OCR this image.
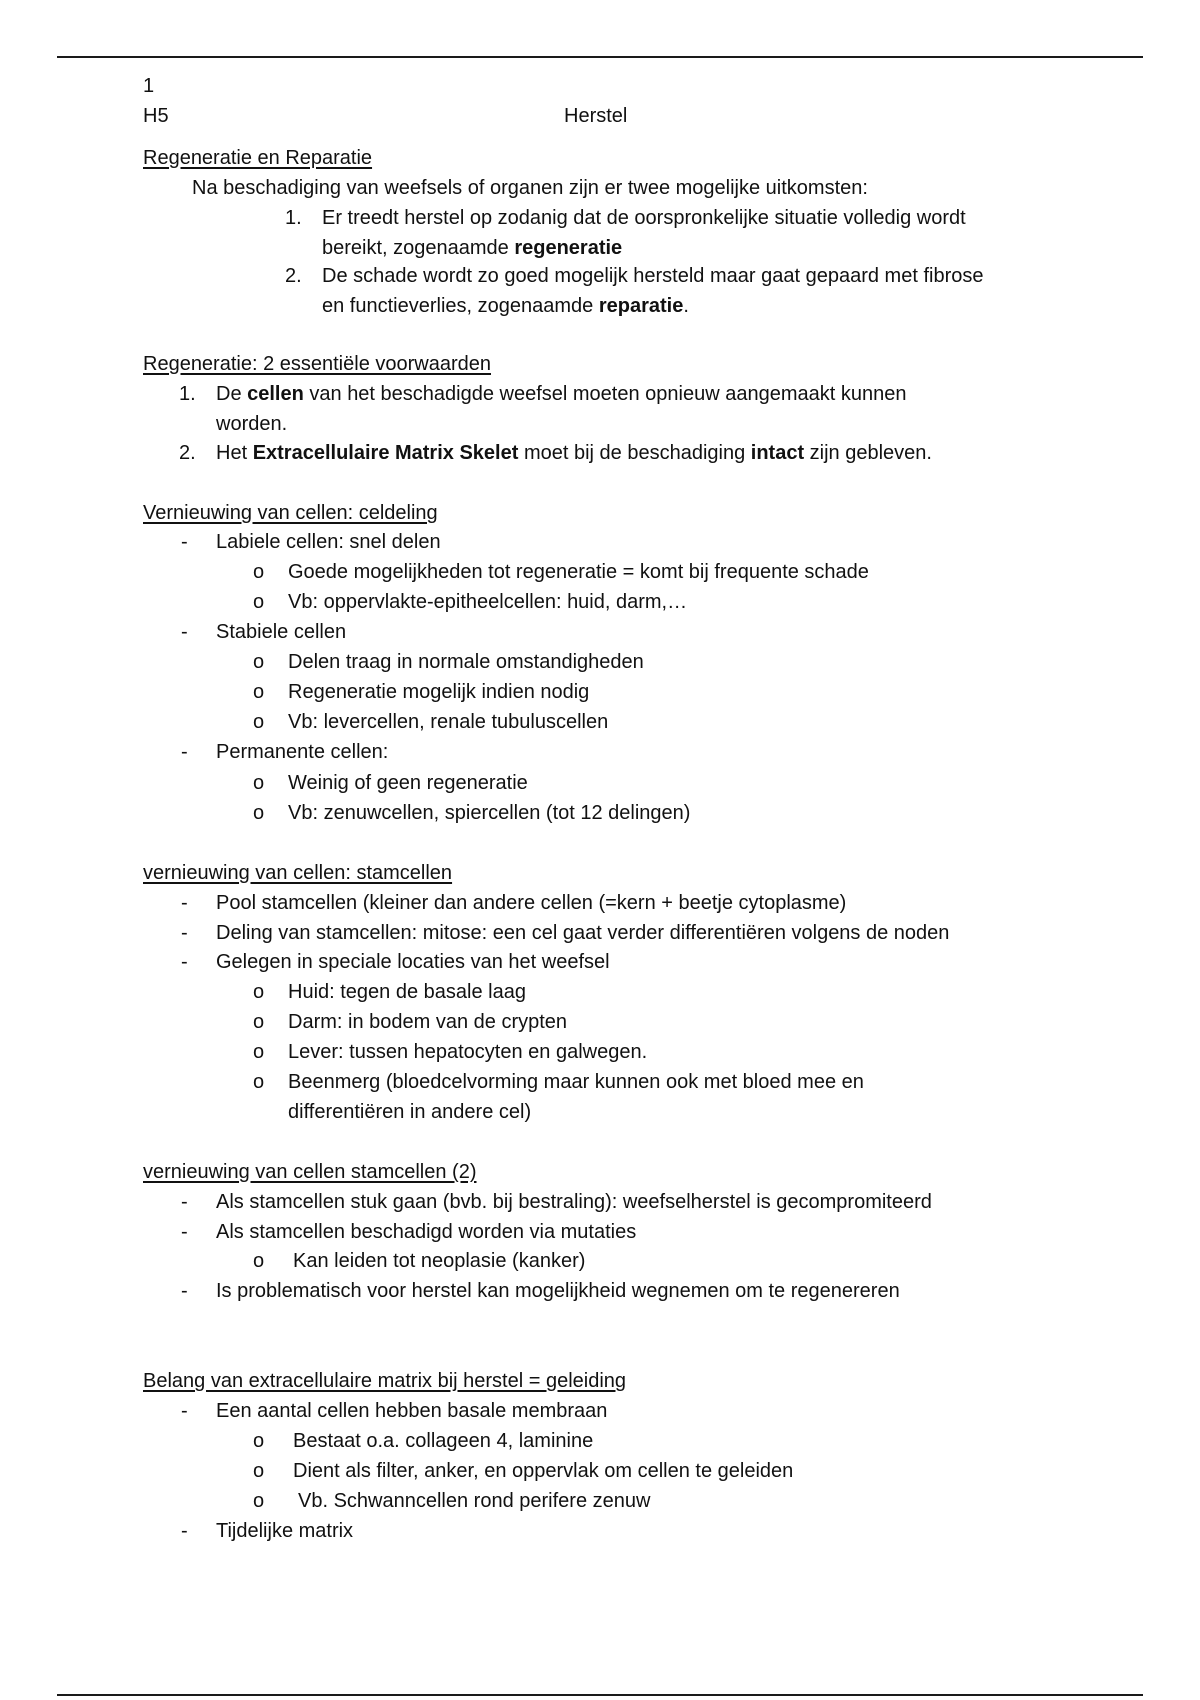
1
H5	Herstel
Regeneratie en Reparatie
Na beschadiging van weefsels of organen zijn er twee mogelijke uitkomsten:
1. Er treedt herstel op zodanig dat de oorspronkelijke situatie volledig wordt
bereikt, zogenaamde regeneratie
2. De schade wordt zo goed mogelijk hersteld maar gaat gepaard met fibrose
en functieverlies, zogenaamde reparatie.
Regeneratie: 2 essentiële voorwaarden
1. De cellen van het beschadigde weefsel moeten opnieuw aangemaakt kunnen
worden.
2. Het Extracellulaire Matrix Skelet moet bij de beschadiging intact zijn gebleven.
Vernieuwing van cellen: celdeling
- Labiele cellen: snel delen
o Goede mogelijkheden tot regeneratie = komt bij frequente schade
o Vb: oppervlakte-epitheelcellen: huid, darm,…
- Stabiele cellen
o Delen traag in normale omstandigheden
o Regeneratie mogelijk indien nodig
o Vb: levercellen, renale tubuluscellen
- Permanente cellen:
o Weinig of geen regeneratie
o Vb: zenuwcellen, spiercellen (tot 12 delingen)
vernieuwing van cellen: stamcellen
- Pool stamcellen (kleiner dan andere cellen (=kern + beetje cytoplasme)
- Deling van stamcellen: mitose: een cel gaat verder differentiëren volgens de noden
- Gelegen in speciale locaties van het weefsel
o Huid: tegen de basale laag
o Darm: in bodem van de crypten
o Lever: tussen hepatocyten en galwegen.
o Beenmerg (bloedcelvorming maar kunnen ook met bloed mee en
differentiëren in andere cel)
vernieuwing van cellen stamcellen (2)
- Als stamcellen stuk gaan (bvb. bij bestraling): weefselherstel is gecompromiteerd
- Als stamcellen beschadigd worden via mutaties
o Kan leiden tot neoplasie (kanker)
- Is problematisch voor herstel kan mogelijkheid wegnemen om te regenereren
Belang van extracellulaire matrix bij herstel = geleiding
- Een aantal cellen hebben basale membraan
o Bestaat o.a. collageen 4, laminine
o Dient als filter, anker, en oppervlak om cellen te geleiden
o Vb. Schwanncellen rond perifere zenuw
- Tijdelijke matrix
